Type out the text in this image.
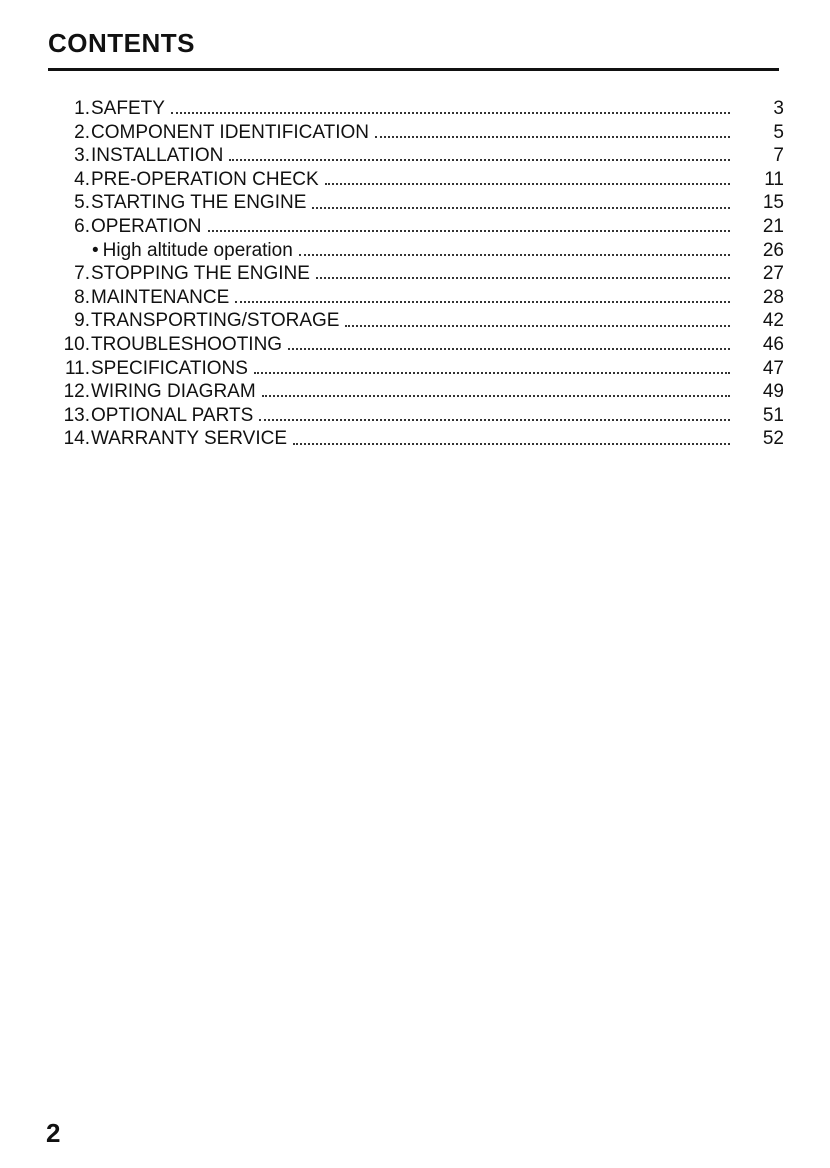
CONTENTS
1. SAFETY	3
2. COMPONENT IDENTIFICATION	5
3. INSTALLATION	7
4. PRE-OPERATION CHECK	11
5. STARTING THE ENGINE	15
6. OPERATION	21
• High altitude operation	26
7. STOPPING THE ENGINE	27
8. MAINTENANCE	28
9. TRANSPORTING/STORAGE	42
10. TROUBLESHOOTING	46
11. SPECIFICATIONS	47
12. WIRING DIAGRAM	49
13. OPTIONAL PARTS	51
14. WARRANTY SERVICE	52

2
